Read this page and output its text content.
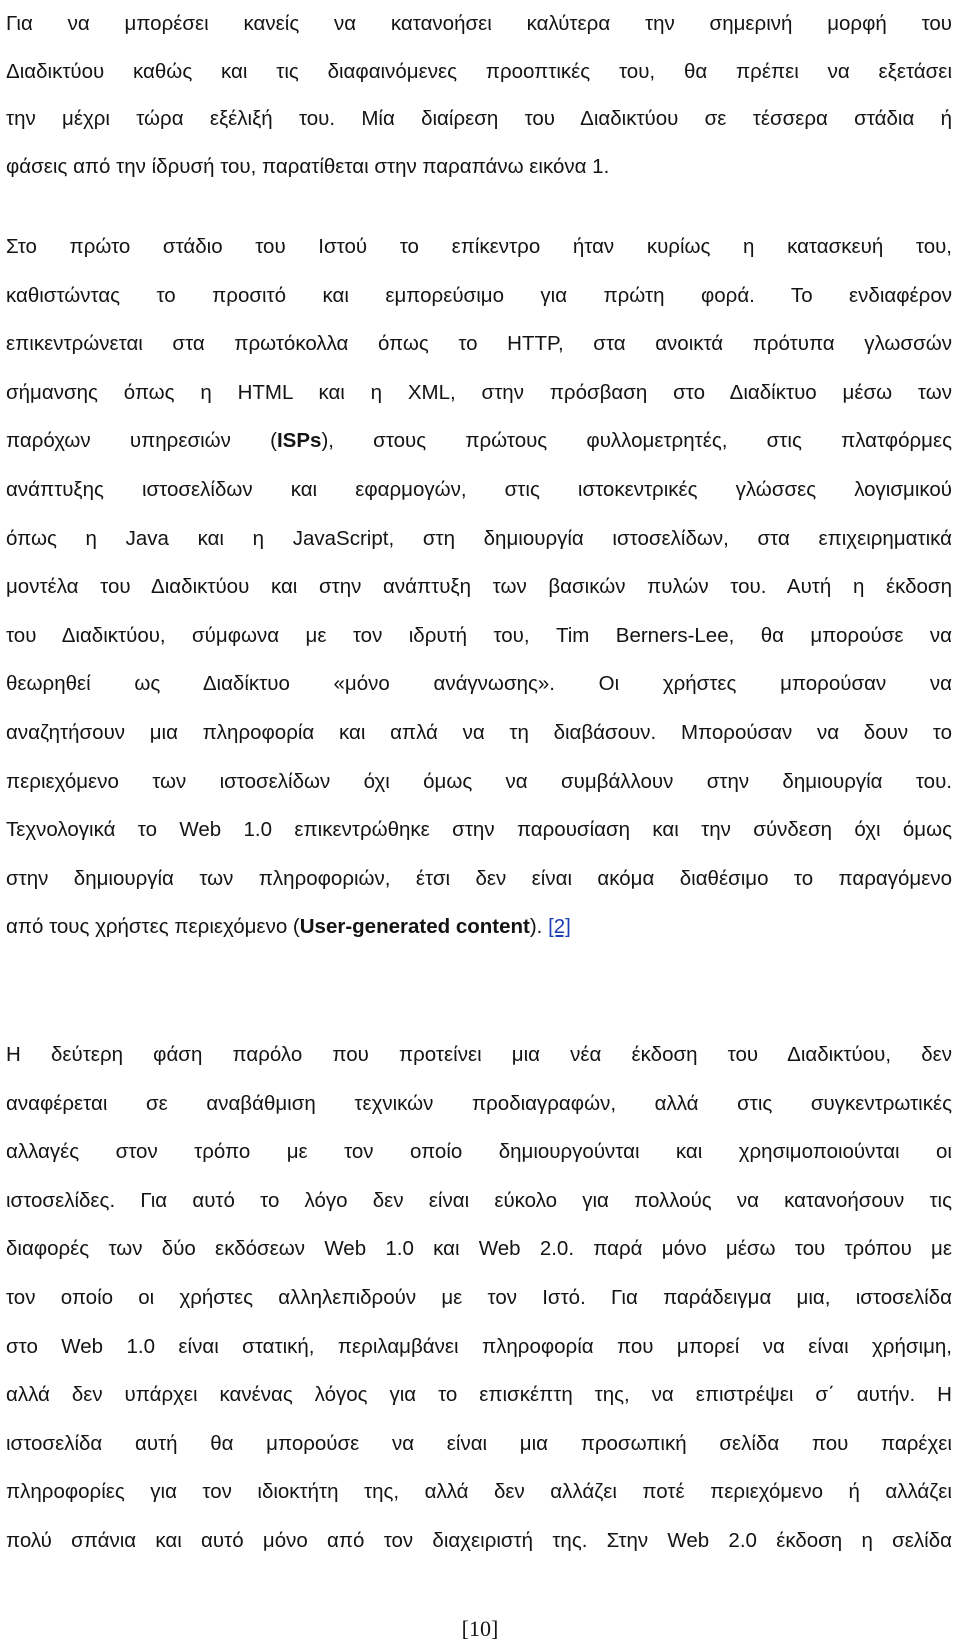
Για να μπορέσει κανείς να κατανοήσει καλύτερα την σημερινή μορφή του
Διαδικτύου καθώς και τις διαφαινόμενες προοπτικές του, θα πρέπει να εξετάσει
την μέχρι τώρα εξέλιξή του. Μία διαίρεση του Διαδικτύου σε τέσσερα στάδια ή
φάσεις από την ίδρυσή του, παρατίθεται στην παραπάνω εικόνα 1.
Στο πρώτο στάδιο του Ιστού το επίκεντρο ήταν κυρίως η κατασκευή του,
καθιστώντας το προσιτό και εμπορεύσιμο για πρώτη φορά. Το ενδιαφέρον
επικεντρώνεται στα πρωτόκολλα όπως το HTTP, στα ανοικτά πρότυπα γλωσσών
σήμανσης όπως η HTML και η XML, στην πρόσβαση στο Διαδίκτυο μέσω των
παρόχων υπηρεσιών (ISPs), στους πρώτους φυλλομετρητές, στις πλατφόρμες
ανάπτυξης ιστοσελίδων και εφαρμογών, στις ιστοκεντρικές γλώσσες λογισμικού
όπως η Java και η JavaScript, στη δημιουργία ιστοσελίδων, στα επιχειρηματικά
μοντέλα του Διαδικτύου και στην ανάπτυξη των βασικών πυλών του. Αυτή η έκδοση
του Διαδικτύου, σύμφωνα με τον ιδρυτή του, Tim Berners-Lee, θα μπορούσε να
θεωρηθεί ως Διαδίκτυο «μόνο ανάγνωσης». Οι χρήστες μπορούσαν να
αναζητήσουν μια πληροφορία και απλά να τη διαβάσουν. Μπορούσαν να δουν το
περιεχόμενο των ιστοσελίδων όχι όμως να συμβάλλουν στην δημιουργία του.
Τεχνολογικά το Web 1.0 επικεντρώθηκε στην παρουσίαση και την σύνδεση όχι όμως
στην δημιουργία των πληροφοριών, έτσι δεν είναι ακόμα διαθέσιμο το παραγόμενο
από τους χρήστες περιεχόμενο (User-generated content). [2]
Η δεύτερη φάση παρόλο που προτείνει μια νέα έκδοση του Διαδικτύου, δεν
αναφέρεται σε αναβάθμιση τεχνικών προδιαγραφών, αλλά στις συγκεντρωτικές
αλλαγές στον τρόπο με τον οποίο δημιουργούνται και χρησιμοποιούνται οι
ιστοσελίδες. Για αυτό το λόγο δεν είναι εύκολο για πολλούς να κατανοήσουν τις
διαφορές των δύο εκδόσεων Web 1.0 και Web 2.0. παρά μόνο μέσω του τρόπου με
τον οποίο οι χρήστες αλληλεπιδρούν με τον Ιστό. Για παράδειγμα μια, ιστοσελίδα
στο Web 1.0 είναι στατική, περιλαμβάνει πληροφορία που μπορεί να είναι χρήσιμη,
αλλά δεν υπάρχει κανένας λόγος για το επισκέπτη της, να επιστρέψει σ΄ αυτήν. Η
ιστοσελίδα αυτή θα μπορούσε να είναι μια προσωπική σελίδα που παρέχει
πληροφορίες για τον ιδιοκτήτη της, αλλά δεν αλλάζει ποτέ περιεχόμενο ή αλλάζει
πολύ σπάνια και αυτό μόνο από τον διαχειριστή της. Στην Web 2.0 έκδοση η σελίδα
[10]
